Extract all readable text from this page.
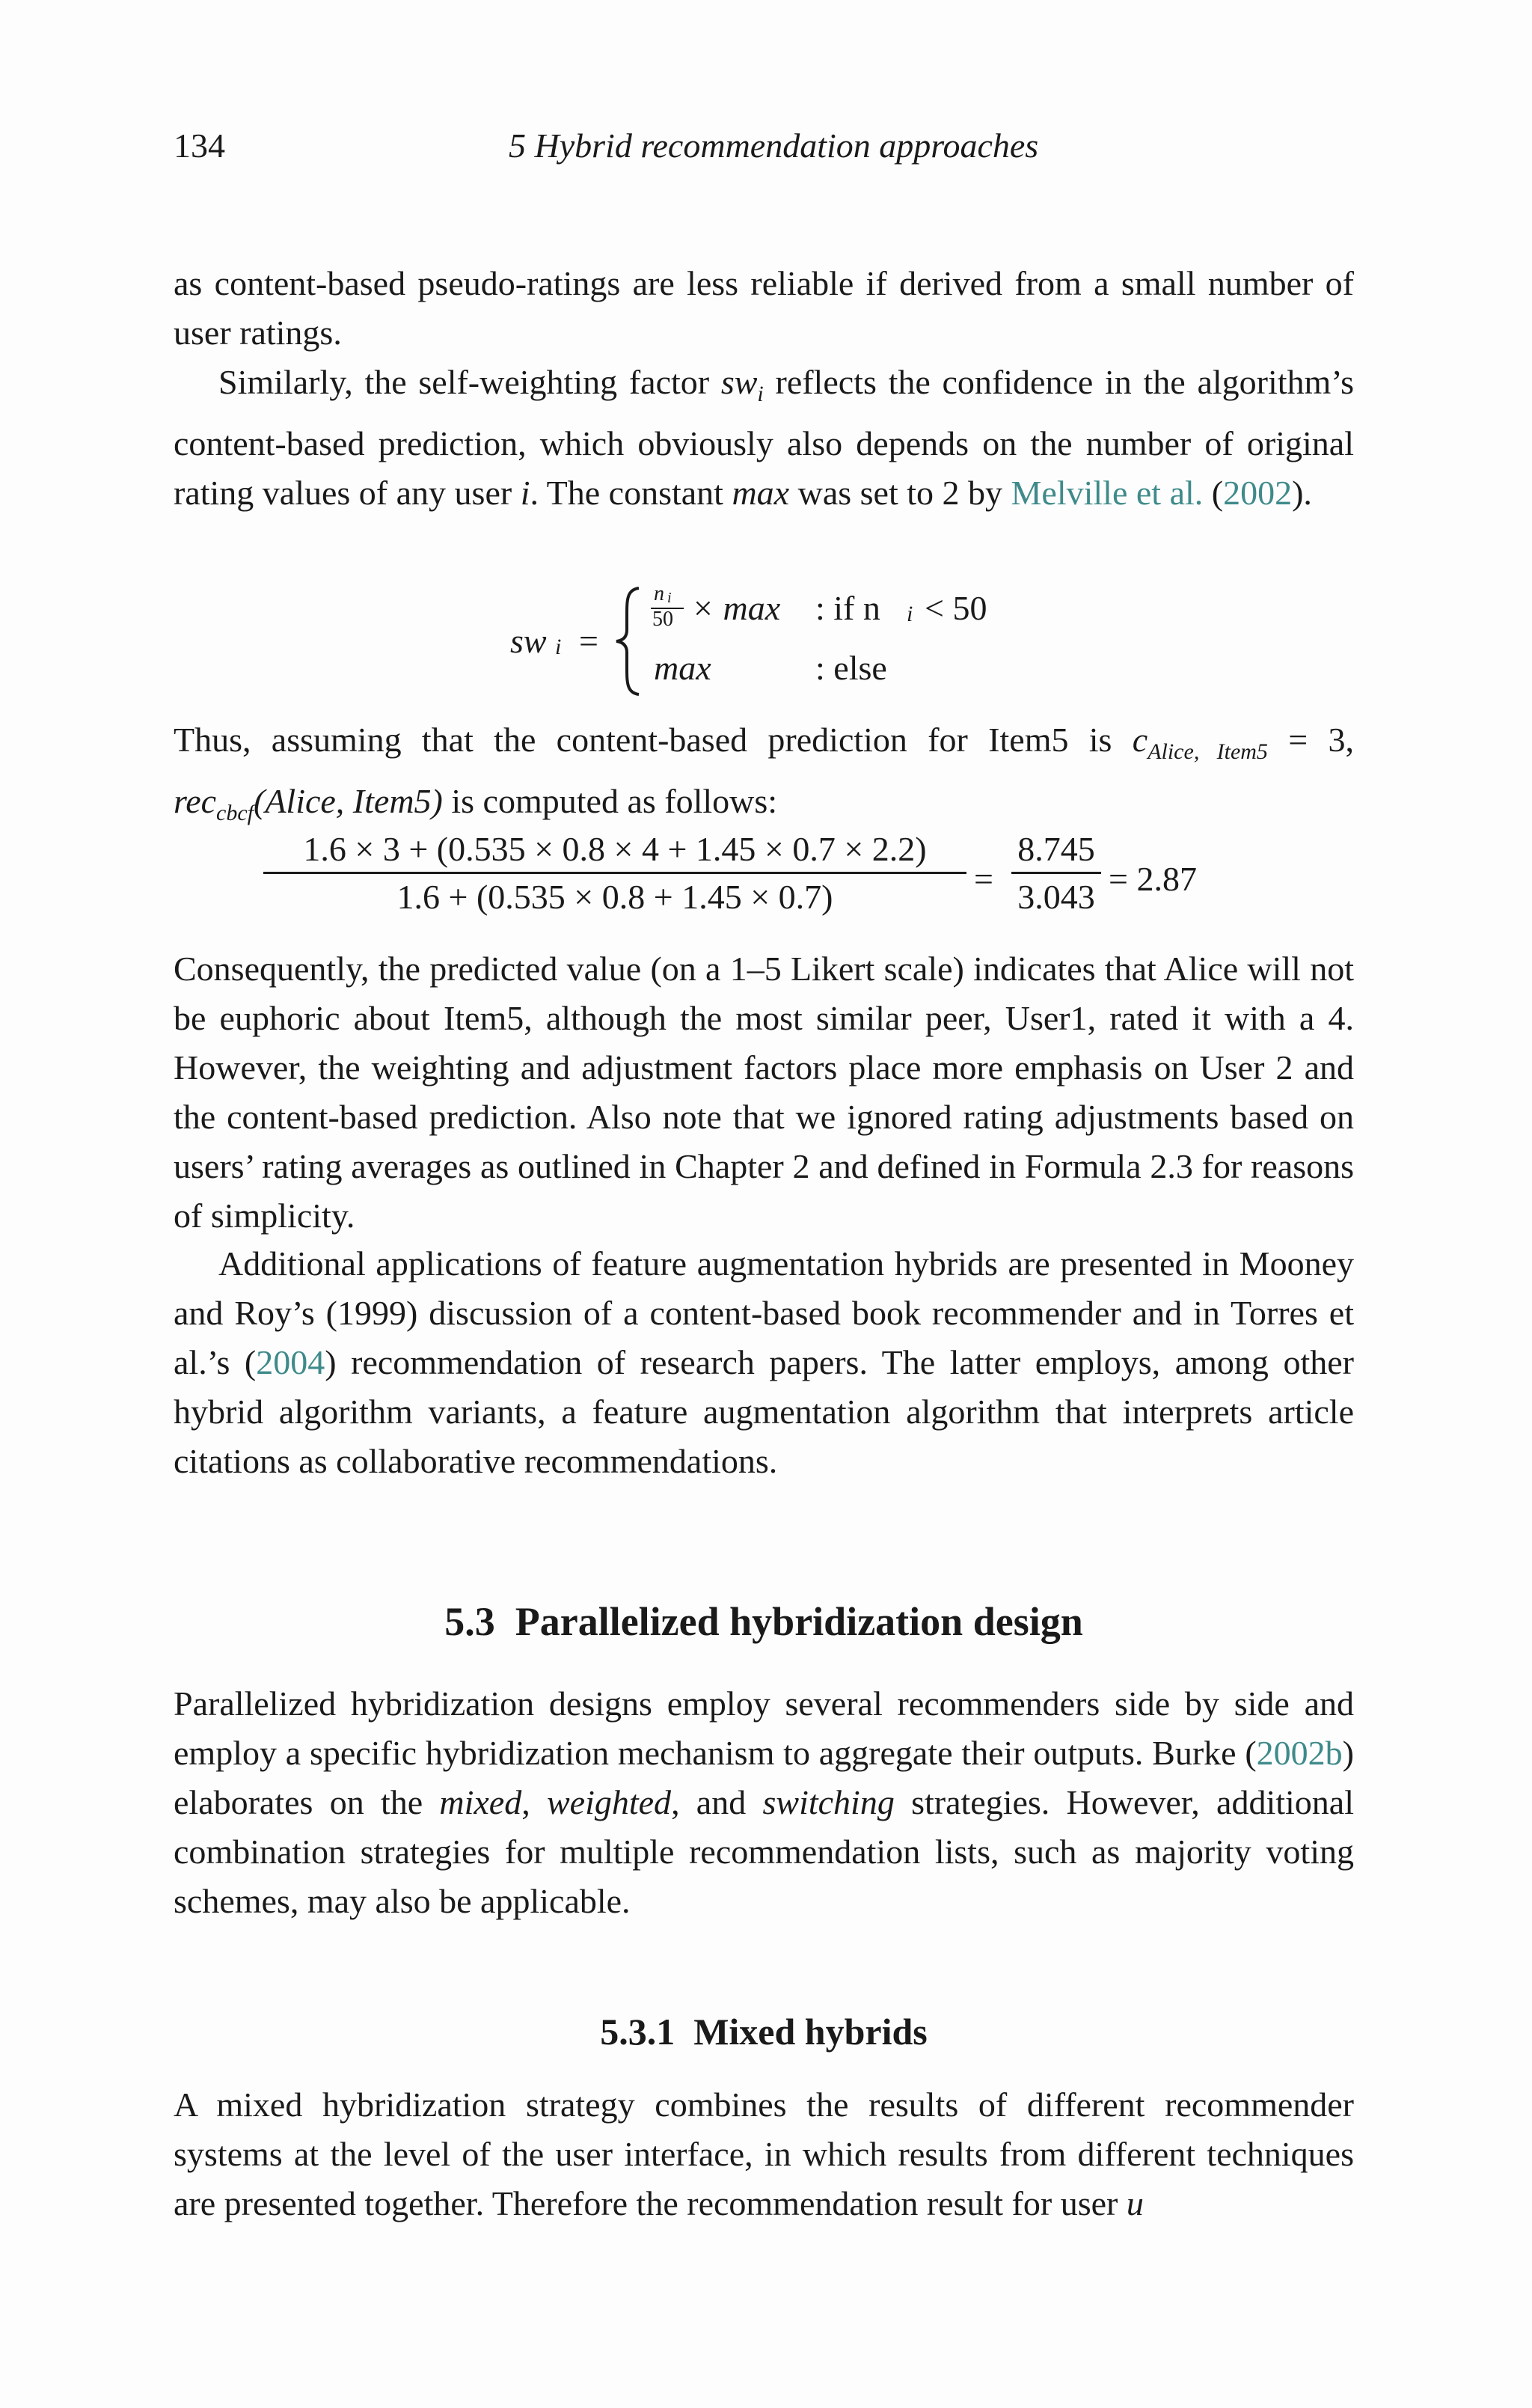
134	5 Hybrid recommendation approaches

as content-based pseudo-ratings are less reliable if derived from a small number of user ratings.

Similarly, the self-weighting factor $sw_i$ reflects the confidence in the algorithm’s content-based prediction, which obviously also depends on the number of original rating values of any user i. The constant max was set to 2 by Melville et al. (2002).

sw i =
n i
50 × max : if n i < 50
max	: else

Thus, assuming that the content-based prediction for Item5 is $c_{Alice, Item5} = 3$, rec$_{cbcf}$(Alice, Item5) is computed as follows:

$\frac{1.6 \times 3 + (0.535 \times 0.8 \times 4 + 1.45 \times 0.7 \times 2.2)}{1.6 + (0.535 \times 0.8 + 1.45 \times 0.7)} = \frac{8.745}{3.043} = 2.87$

Consequently, the predicted value (on a 1–5 Likert scale) indicates that Alice will not be euphoric about Item5, although the most similar peer, User1, rated it with a 4. However, the weighting and adjustment factors place more emphasis on User 2 and the content-based prediction. Also note that we ignored rating adjustments based on users’ rating averages as outlined in Chapter 2 and defined in Formula 2.3 for reasons of simplicity.

Additional applications of feature augmentation hybrids are presented in Mooney and Roy’s (1999) discussion of a content-based book recommender and in Torres et al.’s (2004) recommendation of research papers. The latter employs, among other hybrid algorithm variants, a feature augmentation algorithm that interprets article citations as collaborative recommendations.

5.3 Parallelized hybridization design

Parallelized hybridization designs employ several recommenders side by side and employ a specific hybridization mechanism to aggregate their outputs. Burke (2002b) elaborates on the mixed, weighted, and switching strategies. However, additional combination strategies for multiple recommendation lists, such as majority voting schemes, may also be applicable.

5.3.1 Mixed hybrids

A mixed hybridization strategy combines the results of different recommender systems at the level of the user interface, in which results from different techniques are presented together. Therefore the recommendation result for user u
